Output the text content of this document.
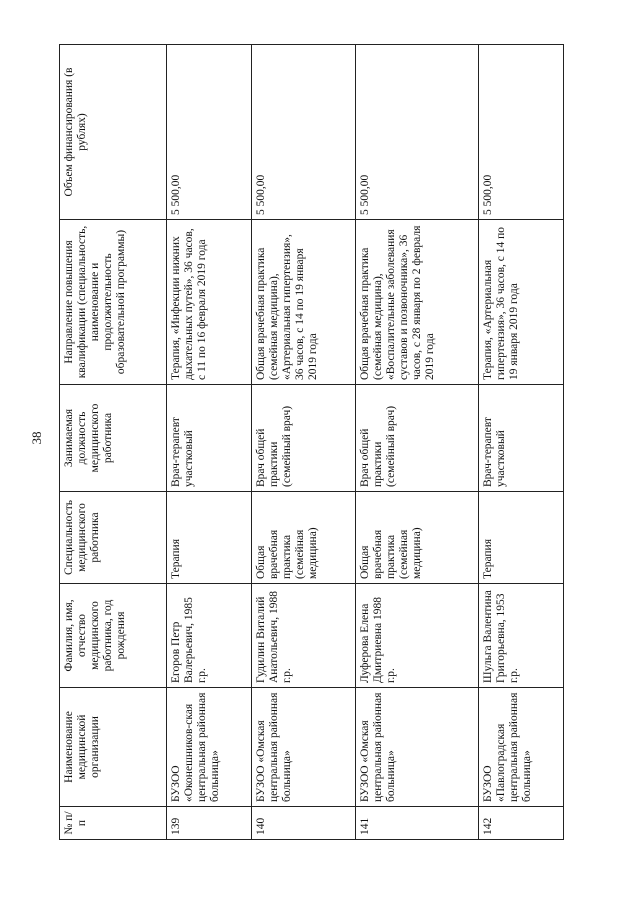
38
№ п/п	Наименование медицинской организации	Фамилия, имя, отчество медицинского работника, год рождения	Специальность медицинского работника	Занимаемая должность медицинского работника	Направление повышения квалификации (специальность, наименование и продолжительность образовательной программы)	Объем финансирования (в рублях)
139	БУЗОО «Оконешников-ская центральная районная больница»	Егоров Петр Валерьевич, 1985 г.р.	Терапия	Врач-терапевт участковый	Терапия, «Инфекции нижних дыхательных путей», 36 часов, с 11 по 16 февраля 2019 года	5 500,00
140	БУЗОО «Омская центральная районная больница»	Гудилин Виталий Анатольевич, 1988 г.р.	Общая врачебная практика (семейная медицина)	Врач общей практики (семейный врач)	Общая врачебная практика (семейная медицина), «Артериальная гипертензия», 36 часов, с 14 по 19 января 2019 года	5 500,00
141	БУЗОО «Омская центральная районная больница»	Луферова Елена Дмитриевна 1988 г.р.	Общая врачебная практика (семейная медицина)	Врач общей практики (семейный врач)	Общая врачебная практика (семейная медицина), «Воспалительные заболевания суставов и позвоночника», 36 часов, с 28 января по 2 февраля 2019 года	5 500,00
142	БУЗОО «Павлоградская центральная районная больница»	Шульга Валентина Григорьевна, 1953 г.р.	Терапия	Врач-терапевт участковый	Терапия, «Артериальная гипертензия», 36 часов, с 14 по 19 января 2019 года	5 500,00
